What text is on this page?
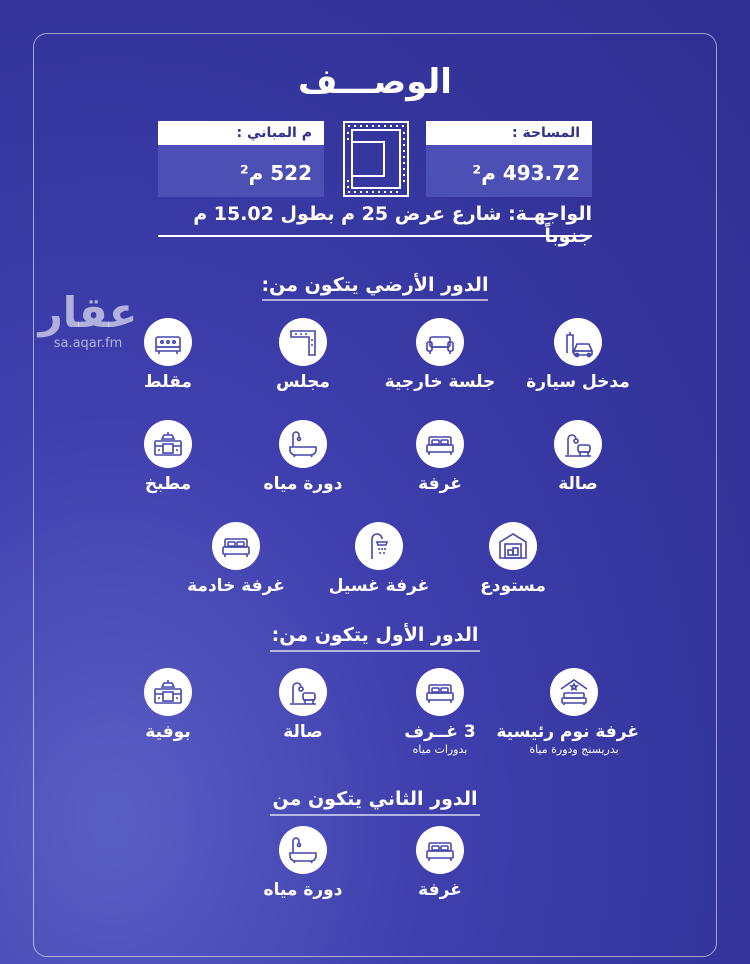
الوصـــف
المساحة :
493.72 م²
م المباني :
522 م²
الواجهـة: شارع عرض 25 م بطول 15.02 م جنوباً
عقار
sa.aqar.fm
الدور الأرضي يتكون من:
مدخل سيارة
جلسة خارجية
مجلس
مقلط
صالة
غرفة
دورة مياه
مطبخ
مستودع
غرفة غسيل
غرفة خادمة
الدور الأول يتكون من:
غرفة نوم رئيسية
بدريسنج ودورة مياة
3 غــرف
بدورات مياه
صالة
بوفية
الدور الثاني يتكون من
غرفة
دورة مياه
